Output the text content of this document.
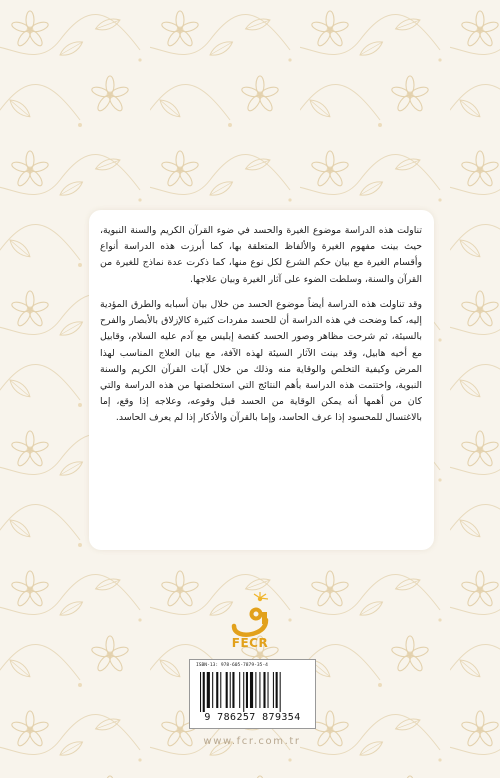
تناولت هذه الدراسة موضوع الغيرة والحسد في ضوء القرآن الكريم والسنة النبوية، حيث بينت مفهوم الغيرة والألفاظ المتعلقة بها، كما أبرزت هذه الدراسة أنواع وأقسام الغيرة مع بيان حكم الشرع لكل نوع منها، كما ذكرت عدة نماذج للغيرة من القرآن والسنة، وسلطت الضوء على آثار الغيرة وبيان علاجها.
وقد تناولت هذه الدراسة أيضاً موضوع الحسد من خلال بيان أسبابه والطرق المؤدية إليه، كما وضحت في هذه الدراسة أن للحسد مفردات كثيرة كالإزلاق بالأبصار والفرح بالسيئة، ثم شرحت مظاهر وصور الحسد كقصة إبليس مع آدم عليه السلام، وقابيل مع أخيه هابيل، وقد بينت الآثار السيئة لهذه الآفة، مع بيان العلاج المناسب لهذا المرض وكيفية التخلص والوقاية منه وذلك من خلال آيات القرآن الكريم والسنة النبوية، واختتمت هذه الدراسة بأهم النتائج التي استخلصتها من هذه الدراسة والتي كان من أهمها أنه يمكن الوقاية من الحسد قبل وقوعه، وعلاجه إذا وقع، إما بالاغتسال للمحسود إذا عرف الحاسد، وإما بالقرآن والأذكار إذا لم يعرف الحاسد.
FECR
ISBN-13: 978-605-7879-35-4
9 786257 879354
www.fcr.com.tr
